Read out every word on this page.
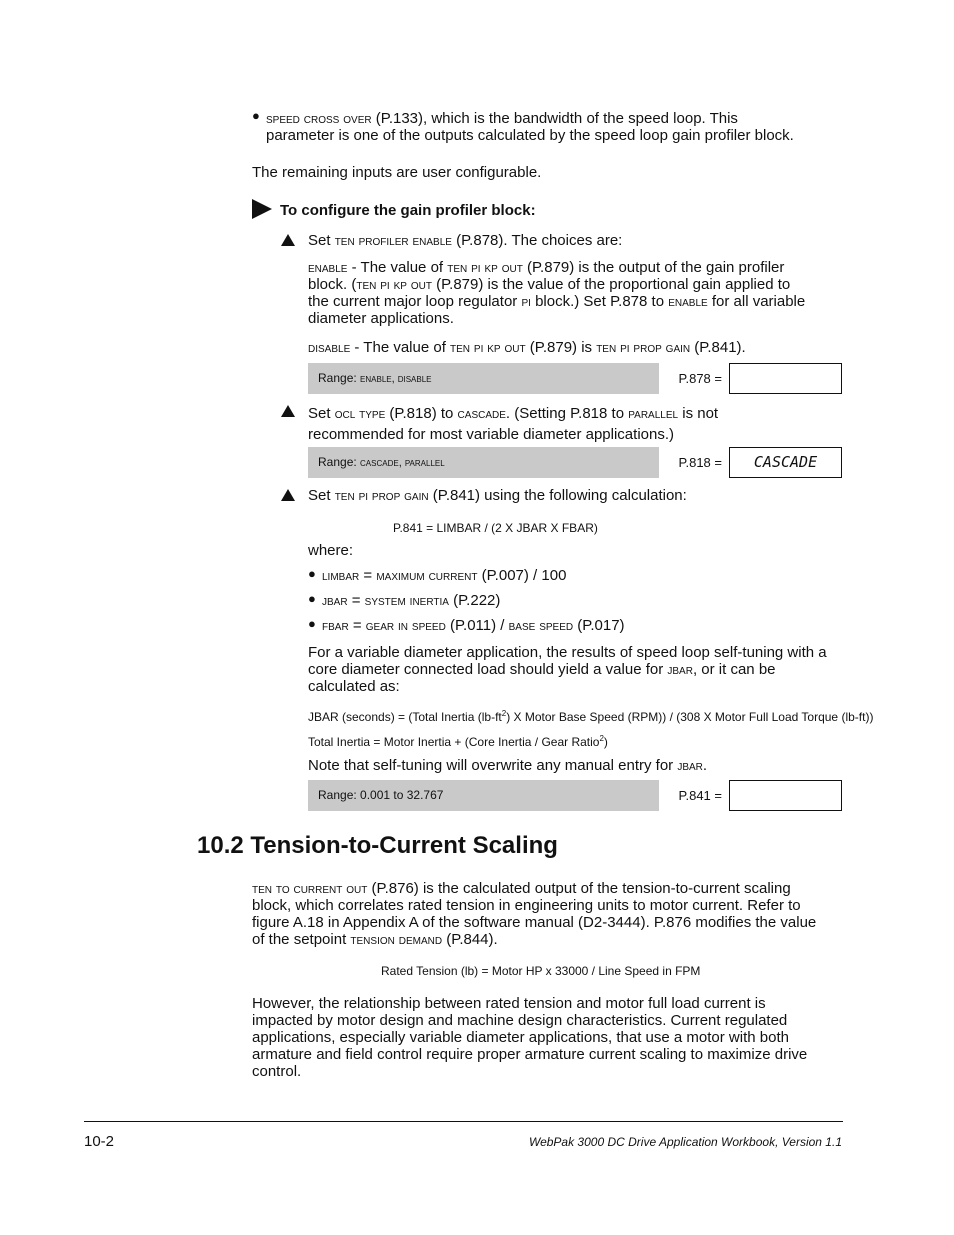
● speed cross over (P.133), which is the bandwidth of the speed loop. This
parameter is one of the outputs calculated by the speed loop gain profiler block.
The remaining inputs are user configurable.
To configure the gain profiler block:
Set ten profiler enable (P.878). The choices are:
enable - The value of ten pi kp out (P.879) is the output of the gain profiler
block. (ten pi kp out (P.879) is the value of the proportional gain applied to
the current major loop regulator pi block.) Set P.878 to enable for all variable
diameter applications.
disable - The value of ten pi kp out (P.879) is ten pi prop gain (P.841).
Range: enable, disable	P.878 =
Set ocl type (P.818) to cascade. (Setting P.818 to parallel is not
recommended for most variable diameter applications.)
Range: cascade, parallel	P.818 =	CASCADE
Set ten pi prop gain (P.841) using the following calculation:
P.841 = LIMBAR / (2 X JBAR X FBAR)
where:
● limbar = maximum current (P.007) / 100
● jbar = system inertia (P.222)
● fbar = gear in speed (P.011) / base speed (P.017)
For a variable diameter application, the results of speed loop self-tuning with a
core diameter connected load should yield a value for jbar, or it can be
calculated as:
JBAR (seconds) = (Total Inertia $(lb-ft^2)$ X Motor Base Speed (RPM)) / (308 X Motor Full Load Torque (lb-ft))
Total Inertia = Motor Inertia + (Core Inertia / Gear Ratio$^2$)
Note that self-tuning will overwrite any manual entry for jbar.
Range: 0.001 to 32.767	P.841 =
10.2 Tension-to-Current Scaling
ten to current out (P.876) is the calculated output of the tension-to-current scaling
block, which correlates rated tension in engineering units to motor current. Refer to
figure A.18 in Appendix A of the software manual (D2-3444). P.876 modifies the value
of the setpoint tension demand (P.844).
Rated Tension (lb) = Motor HP x 33000 / Line Speed in FPM
However, the relationship between rated tension and motor full load current is
impacted by motor design and machine design characteristics. Current regulated
applications, especially variable diameter applications, that use a motor with both
armature and field control require proper armature current scaling to maximize drive
control.
10-2	WebPak 3000 DC Drive Application Workbook, Version 1.1
